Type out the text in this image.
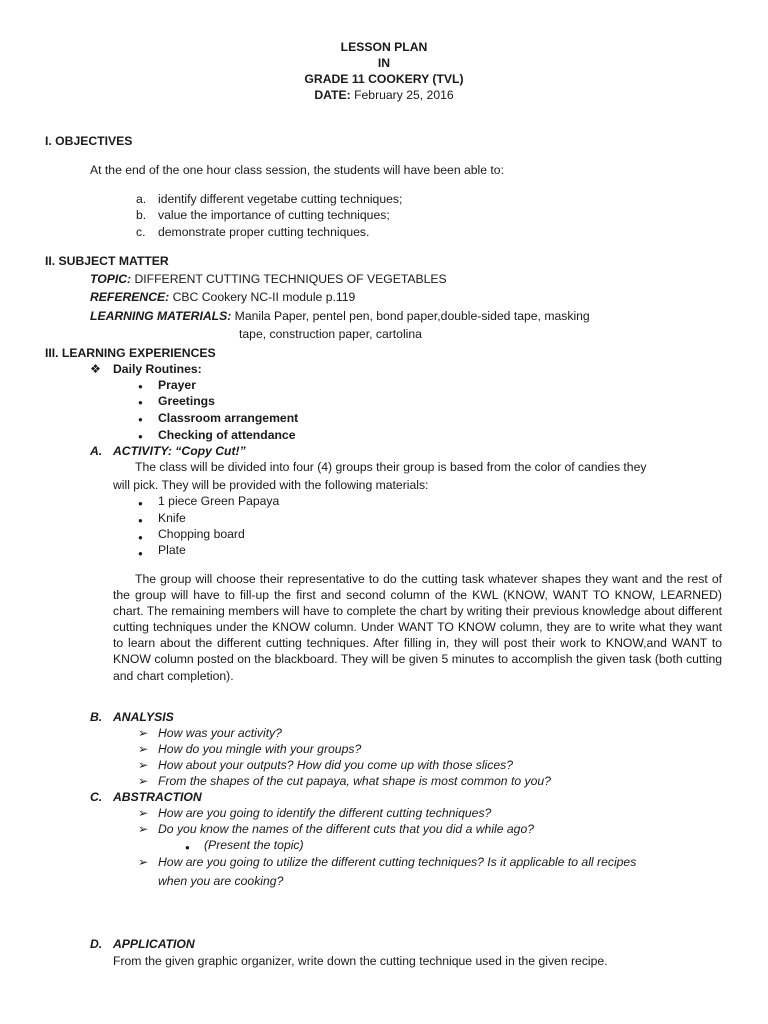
LESSON PLAN
IN
GRADE 11 COOKERY (TVL)
DATE: February 25, 2016
I. OBJECTIVES
At the end of the one hour class session, the students will have been able to:
a. identify different vegetabe cutting techniques;
b. value the importance of cutting techniques;
c. demonstrate proper cutting techniques.
II. SUBJECT MATTER
TOPIC: DIFFERENT CUTTING TECHNIQUES OF VEGETABLES
REFERENCE: CBC Cookery NC-II module p.119
LEARNING MATERIALS: Manila Paper, pentel pen, bond paper,double-sided tape, masking
tape, construction paper, cartolina
III. LEARNING EXPERIENCES
❖ Daily Routines:
● Prayer
● Greetings
● Classroom arrangement
● Checking of attendance
A. ACTIVITY: “Copy Cut!”
The class will be divided into four (4) groups their group is based from the color of candies they
will pick. They will be provided with the following materials:
● 1 piece Green Papaya
● Knife
● Chopping board
● Plate
The group will choose their representative to do the cutting task whatever shapes they want and the rest of the group will have to fill-up the first and second column of the KWL (KNOW, WANT TO KNOW, LEARNED) chart. The remaining members will have to complete the chart by writing their previous knowledge about different cutting techniques under the KNOW column. Under WANT TO KNOW column, they are to write what they want to learn about the different cutting techniques. After filling in, they will post their work to KNOW,and WANT to KNOW column posted on the blackboard. They will be given 5 minutes to accomplish the given task (both cutting and chart completion).
B. ANALYSIS
➢ How was your activity?
➢ How do you mingle with your groups?
➢ How about your outputs? How did you come up with those slices?
➢ From the shapes of the cut papaya, what shape is most common to you?
C. ABSTRACTION
➢ How are you going to identify the different cutting techniques?
➢ Do you know the names of the different cuts that you did a while ago?
● (Present the topic)
➢ How are you going to utilize the different cutting techniques? Is it applicable to all recipes
when you are cooking?
D. APPLICATION
From the given graphic organizer, write down the cutting technique used in the given recipe.
